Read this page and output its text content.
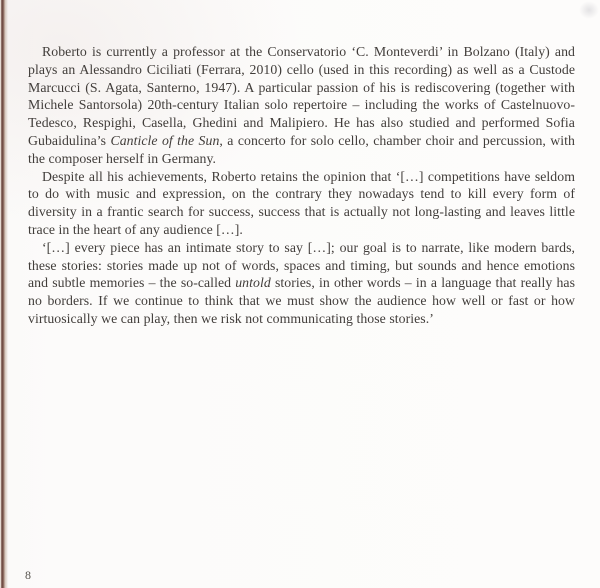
Roberto is currently a professor at the Conservatorio ‘C. Monteverdi’ in Bolzano (Italy) and plays an Alessandro Ciciliati (Ferrara, 2010) cello (used in this recording) as well as a Custode Marcucci (S. Agata, Santerno, 1947). A particular passion of his is rediscovering (together with Michele Santorsola) 20th-century Italian solo repertoire – including the works of Castelnuovo-Tedesco, Respighi, Casella, Ghedini and Malipiero. He has also studied and performed Sofia Gubaidulina’s Canticle of the Sun, a concerto for solo cello, chamber choir and percussion, with the composer herself in Germany.

Despite all his achievements, Roberto retains the opinion that ‘[…] competitions have seldom to do with music and expression, on the contrary they nowadays tend to kill every form of diversity in a frantic search for success, success that is actually not long-lasting and leaves little trace in the heart of any audience […].

‘[…] every piece has an intimate story to say […]; our goal is to narrate, like modern bards, these stories: stories made up not of words, spaces and timing, but sounds and hence emotions and subtle memories – the so-called untold stories, in other words – in a language that really has no borders. If we continue to think that we must show the audience how well or fast or how virtuosically we can play, then we risk not communicating those stories.’

8
